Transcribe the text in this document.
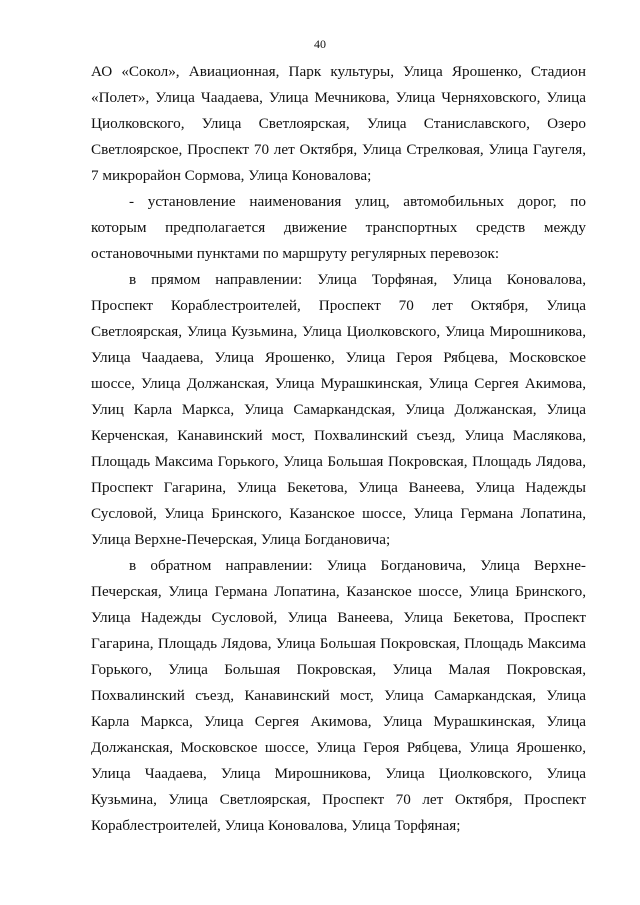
40
АО «Сокол», Авиационная, Парк культуры, Улица Ярошенко, Стадион
«Полет», Улица Чаадаева, Улица Мечникова, Улица Черняховского, Улица
Циолковского, Улица Светлоярская, Улица Станиславского, Озеро
Светлоярское, Проспект 70 лет Октября, Улица Стрелковая, Улица Гаугеля,
7 микрорайон Сормова, Улица Коновалова;
- установление наименования улиц, автомобильных дорог, по
которым предполагается движение транспортных средств между
остановочными пунктами по маршруту регулярных перевозок:
в прямом направлении: Улица Торфяная, Улица Коновалова,
Проспект Кораблестроителей, Проспект 70 лет Октября, Улица
Светлоярская, Улица Кузьмина, Улица Циолковского, Улица Мирошникова,
Улица Чаадаева, Улица Ярошенко, Улица Героя Рябцева, Московское
шоссе, Улица Должанская, Улица Мурашкинская, Улица Сергея Акимова,
Улиц Карла Маркса, Улица Самаркандская, Улица Должанская, Улица
Керченская, Канавинский мост, Похвалинский съезд, Улица Маслякова,
Площадь Максима Горького, Улица Большая Покровская, Площадь Лядова,
Проспект Гагарина, Улица Бекетова, Улица Ванеева, Улица Надежды
Сусловой, Улица Бринского, Казанское шоссе, Улица Германа Лопатина,
Улица Верхне-Печерская, Улица Богдановича;
в обратном направлении: Улица Богдановича, Улица Верхне-
Печерская, Улица Германа Лопатина, Казанское шоссе, Улица Бринского,
Улица Надежды Сусловой, Улица Ванеева, Улица Бекетова, Проспект
Гагарина, Площадь Лядова, Улица Большая Покровская, Площадь Максима
Горького, Улица Большая Покровская, Улица Малая Покровская,
Похвалинский съезд, Канавинский мост, Улица Самаркандская, Улица
Карла Маркса, Улица Сергея Акимова, Улица Мурашкинская, Улица
Должанская, Московское шоссе, Улица Героя Рябцева, Улица Ярошенко,
Улица Чаадаева, Улица Мирошникова, Улица Циолковского, Улица
Кузьмина, Улица Светлоярская, Проспект 70 лет Октября, Проспект
Кораблестроителей, Улица Коновалова, Улица Торфяная;
